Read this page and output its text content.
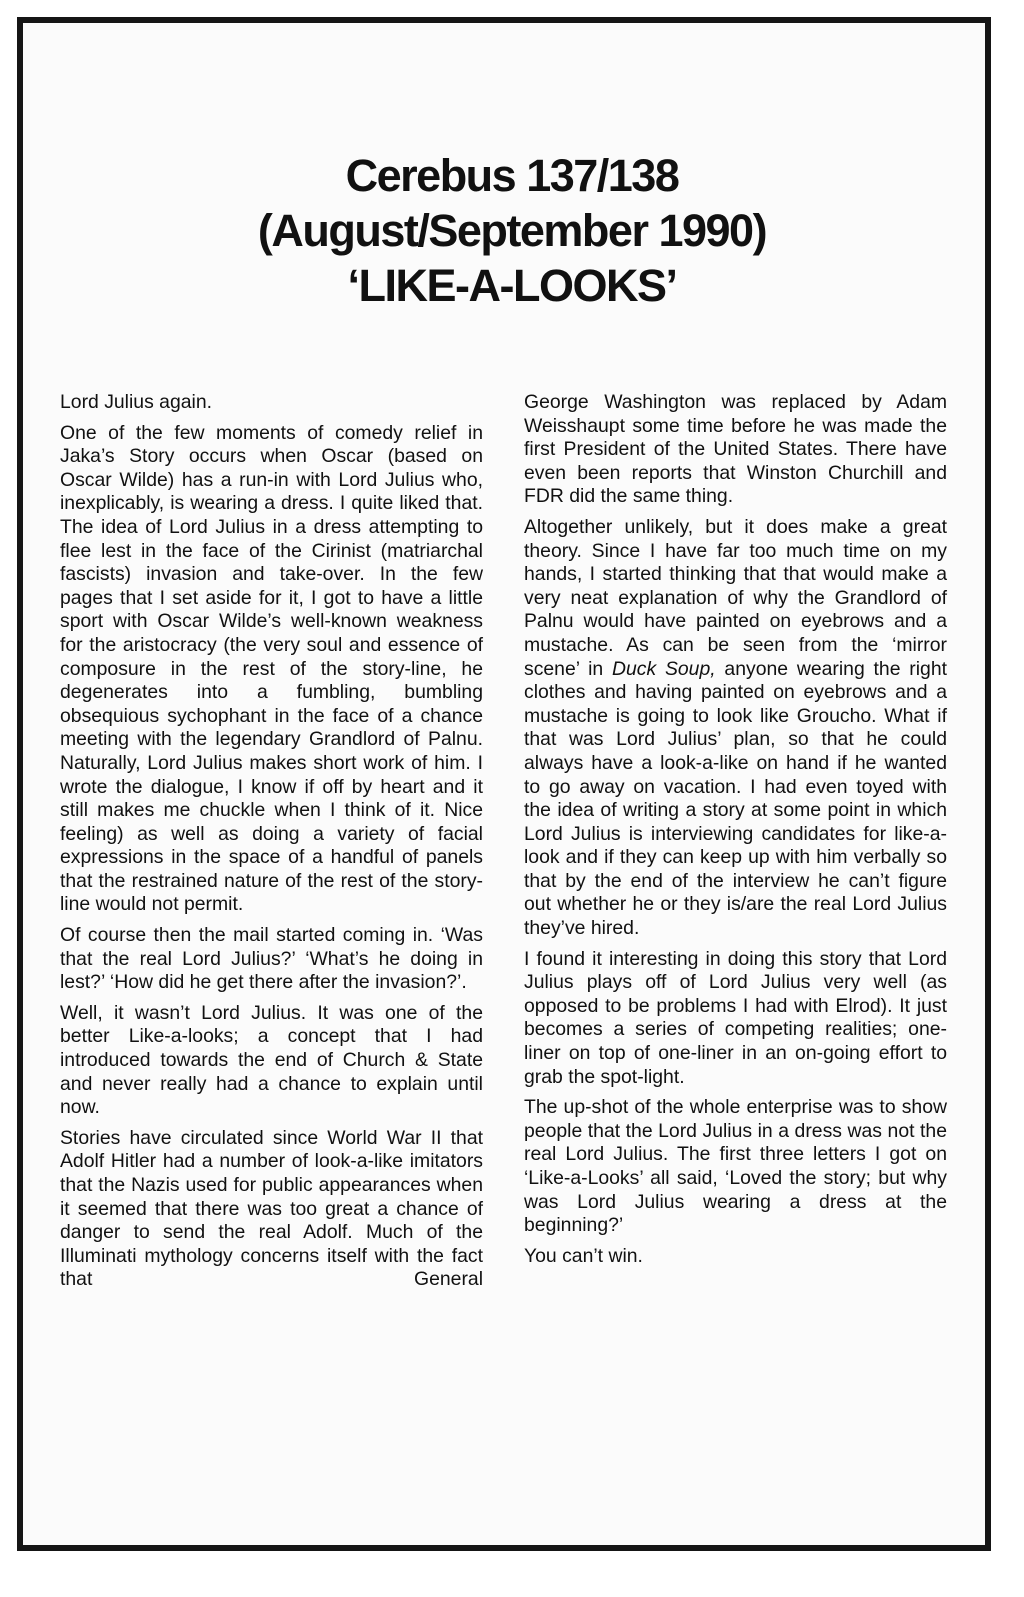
Cerebus 137/138
(August/September 1990)
‘LIKE-A-LOOKS’

Lord Julius again.

One of the few moments of comedy relief in Jaka’s Story occurs when Oscar (based on Oscar Wilde) has a run-in with Lord Julius who, inexplicably, is wearing a dress. I quite liked that. The idea of Lord Julius in a dress attempting to flee lest in the face of the Cirinist (matriarchal fascists) invasion and take-over. In the few pages that I set aside for it, I got to have a little sport with Oscar Wilde’s well-known weakness for the aristocracy (the very soul and essence of composure in the rest of the story-line, he degenerates into a fumbling, bumbling obsequious sychophant in the face of a chance meeting with the legendary Grandlord of Palnu. Naturally, Lord Julius makes short work of him. I wrote the dialogue, I know if off by heart and it still makes me chuckle when I think of it. Nice feeling) as well as doing a variety of facial expressions in the space of a handful of panels that the restrained nature of the rest of the story-line would not permit.

Of course then the mail started coming in. ‘Was that the real Lord Julius?’ ‘What’s he doing in lest?’ ‘How did he get there after the invasion?’.

Well, it wasn’t Lord Julius. It was one of the better Like-a-looks; a concept that I had introduced towards the end of Church & State and never really had a chance to explain until now.

Stories have circulated since World War II that Adolf Hitler had a number of look-a-like imitators that the Nazis used for public appearances when it seemed that there was too great a chance of danger to send the real Adolf. Much of the Illuminati mythology concerns itself with the fact that General

George Washington was replaced by Adam Weisshaupt some time before he was made the first President of the United States. There have even been reports that Winston Churchill and FDR did the same thing.

Altogether unlikely, but it does make a great theory. Since I have far too much time on my hands, I started thinking that that would make a very neat explanation of why the Grandlord of Palnu would have painted on eyebrows and a mustache. As can be seen from the ‘mirror scene’ in Duck Soup, anyone wearing the right clothes and having painted on eyebrows and a mustache is going to look like Groucho. What if that was Lord Julius’ plan, so that he could always have a look-a-like on hand if he wanted to go away on vacation. I had even toyed with the idea of writing a story at some point in which Lord Julius is interviewing candidates for like-a-look and if they can keep up with him verbally so that by the end of the interview he can’t figure out whether he or they is/are the real Lord Julius they’ve hired.

I found it interesting in doing this story that Lord Julius plays off of Lord Julius very well (as opposed to be problems I had with Elrod). It just becomes a series of competing realities; one-liner on top of one-liner in an on-going effort to grab the spot-light.

The up-shot of the whole enterprise was to show people that the Lord Julius in a dress was not the real Lord Julius. The first three letters I got on ‘Like-a-Looks’ all said, ‘Loved the story; but why was Lord Julius wearing a dress at the beginning?’

You can’t win.
